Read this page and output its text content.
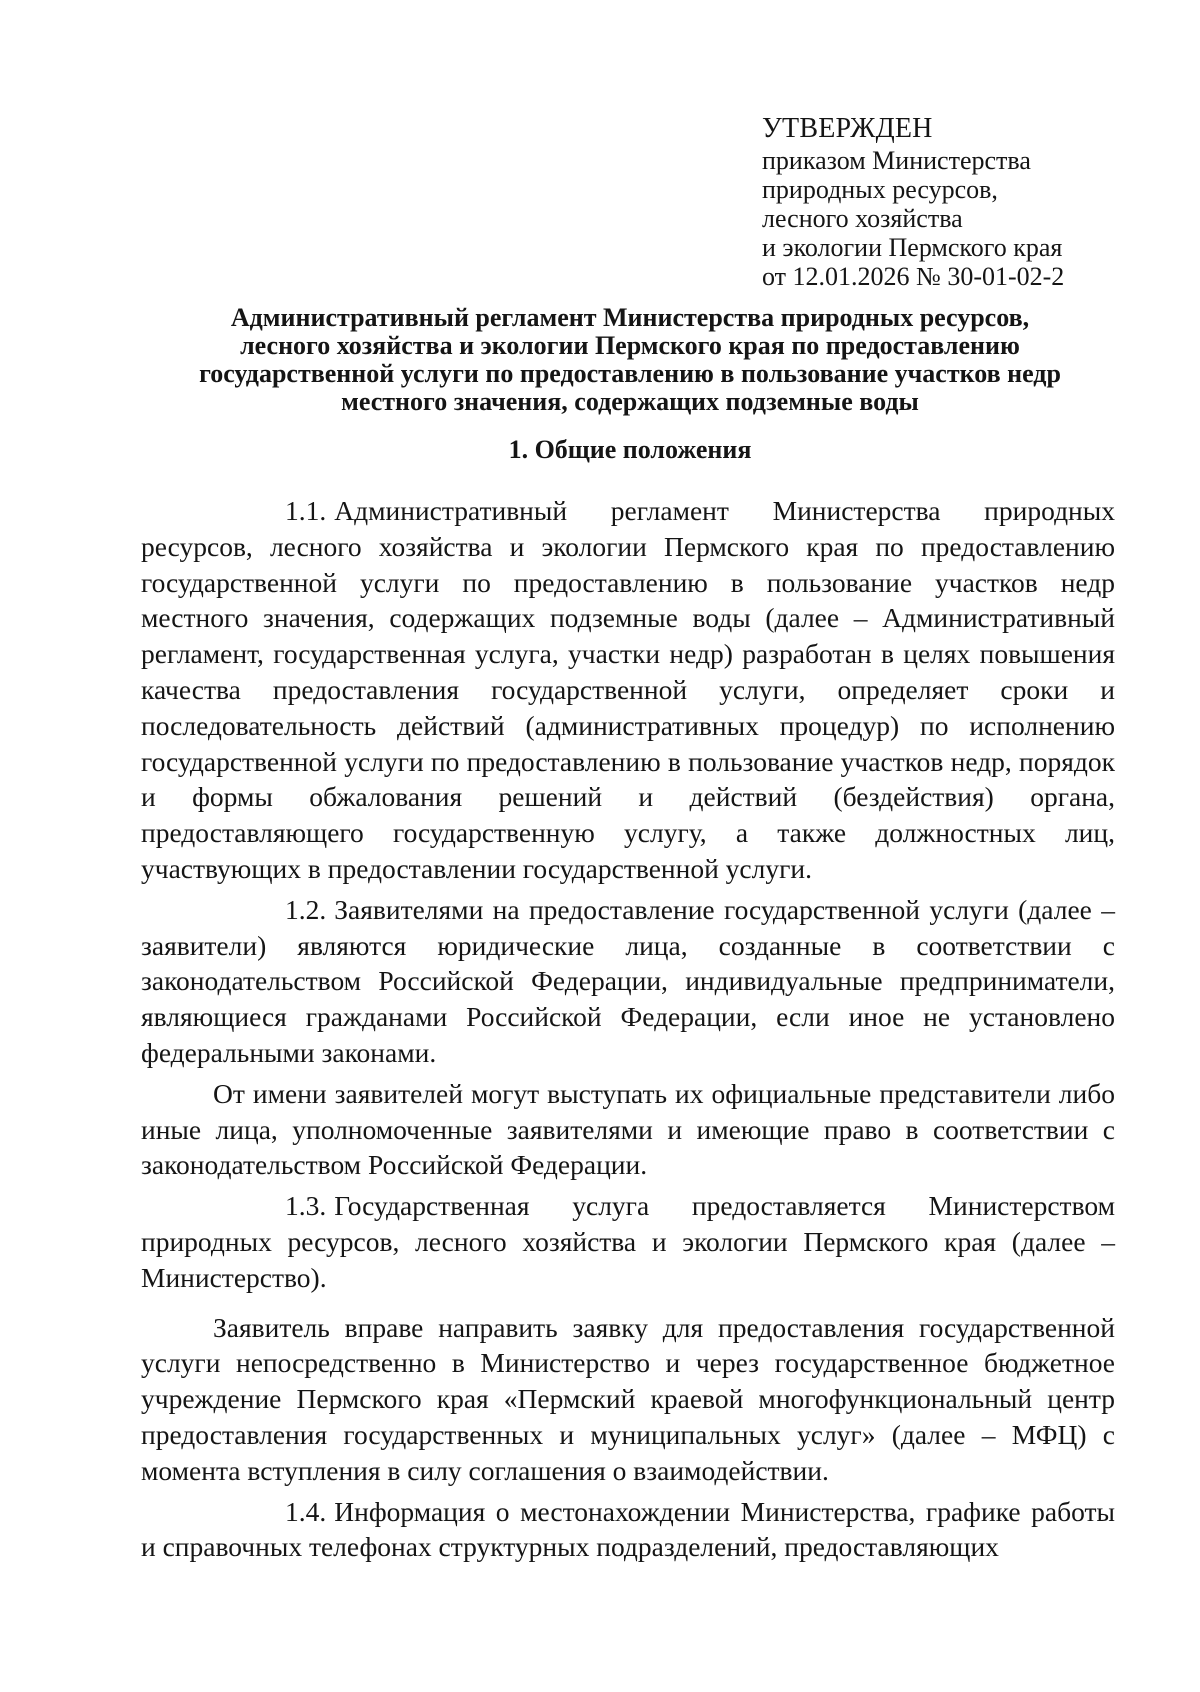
УТВЕРЖДЕН
приказом Министерства
природных ресурсов,
лесного хозяйства
и экологии Пермского края
от 12.01.2026 № 30-01-02-2
Административный регламент Министерства природных ресурсов,
лесного хозяйства и экологии Пермского края по предоставлению
государственной услуги по предоставлению в пользование участков недр
местного значения, содержащих подземные воды
1. Общие положения

1.1. Административный регламент Министерства природных ресурсов, лесного хозяйства и экологии Пермского края по предоставлению государственной услуги по предоставлению в пользование участков недр местного значения, содержащих подземные воды (далее – Административный регламент, государственная услуга, участки недр) разработан в целях повышения качества предоставления государственной услуги, определяет сроки и последовательность действий (административных процедур) по исполнению государственной услуги по предоставлению в пользование участков недр, порядок и формы обжалования решений и действий (бездействия) органа, предоставляющего государственную услугу, а также должностных лиц, участвующих в предоставлении государственной услуги.

1.2. Заявителями на предоставление государственной услуги (далее – заявители) являются юридические лица, созданные в соответствии с законодательством Российской Федерации, индивидуальные предприниматели, являющиеся гражданами Российской Федерации, если иное не установлено федеральными законами.

От имени заявителей могут выступать их официальные представители либо иные лица, уполномоченные заявителями и имеющие право в соответствии с законодательством Российской Федерации.

1.3. Государственная услуга предоставляется Министерством природных ресурсов, лесного хозяйства и экологии Пермского края (далее – Министерство).

Заявитель вправе направить заявку для предоставления государственной услуги непосредственно в Министерство и через государственное бюджетное учреждение Пермского края «Пермский краевой многофункциональный центр предоставления государственных и муниципальных услуг» (далее – МФЦ) с момента вступления в силу соглашения о взаимодействии.

1.4. Информация о местонахождении Министерства, графике работы и справочных телефонах структурных подразделений, предоставляющих
